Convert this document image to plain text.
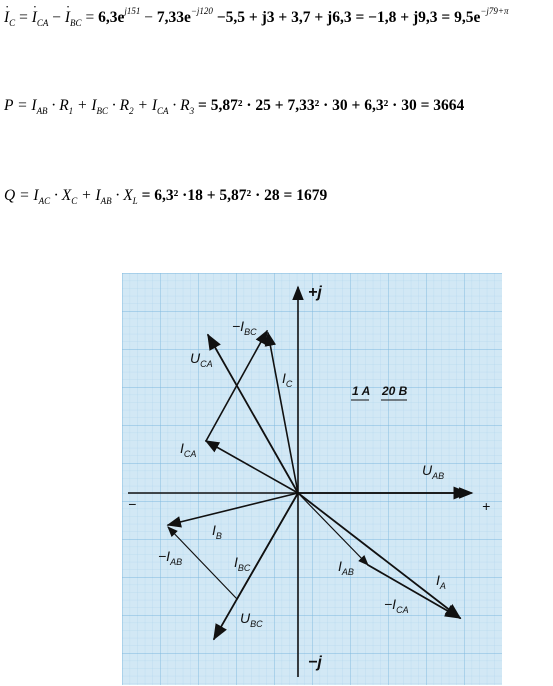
$I \cdot_C = I \cdot_{CA} - I \cdot_{BC} = 6,3e^{j151} - 7,33e^{-j120} -5,5 + j3 + 3,7 + j6,3 = -1,8 + j9,3 = 9,5e^{-j79+\pi}$
$P = I_{AB} \cdot R_1 + I_{BC} \cdot R_2 + I_{CA} \cdot R_3 = 5,87^2 \cdot 25 + 7,33^2 \cdot 30 + 6,3^2 \cdot 30 = 3664$
$Q = I_{AC} \cdot X_C + I_{AB} \cdot X_L = 6,3^2 \cdot 18 + 5,87^2 \cdot 28 = 1679$
+j
−j
+
−
1 A 20 B
$-I_{BC}$
$U_{CA}$
$I_C$
$I_{CA}$
$U_{AB}$
$I_B$
$-I_{AB}$	$I_{BC}$
$U_{BC}$
$I_{AB}$	$I_A$
$-I_{CA}$
